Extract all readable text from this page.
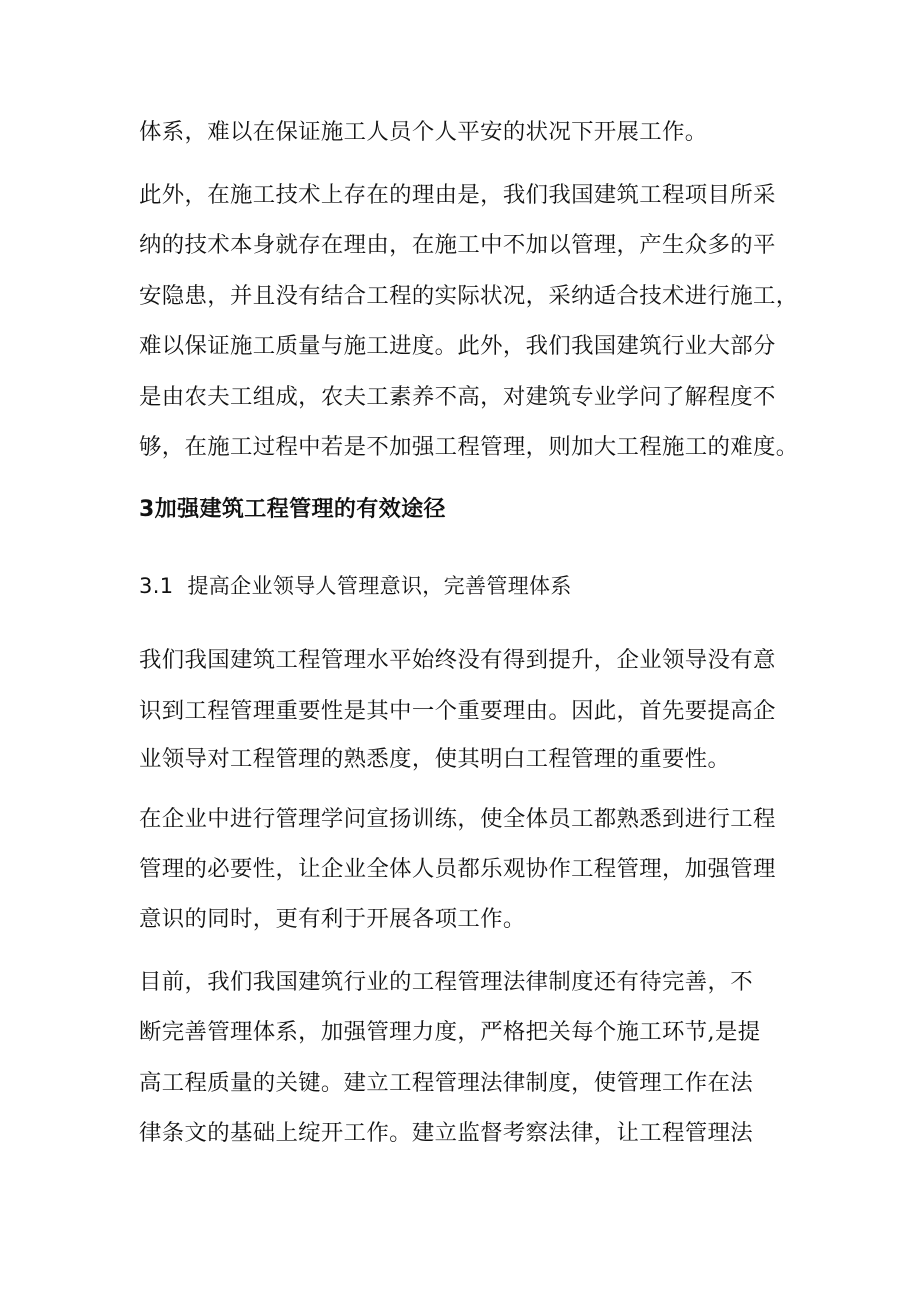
体系，难以在保证施工人员个人平安的状况下开展工作。
此外，在施工技术上存在的理由是，我们我国建筑工程项目所采
纳的技术本身就存在理由，在施工中不加以管理，产生众多的平
安隐患，并且没有结合工程的实际状况，采纳适合技术进行施工，
难以保证施工质量与施工进度。此外，我们我国建筑行业大部分
是由农夫工组成，农夫工素养不高，对建筑专业学问了解程度不
够，在施工过程中若是不加强工程管理，则加大工程施工的难度。
3加强建筑工程管理的有效途径
3.1 提高企业领导人管理意识，完善管理体系
我们我国建筑工程管理水平始终没有得到提升，企业领导没有意
识到工程管理重要性是其中一个重要理由。因此，首先要提高企
业领导对工程管理的熟悉度，使其明白工程管理的重要性。
在企业中进行管理学问宣扬训练，使全体员工都熟悉到进行工程
管理的必要性，让企业全体人员都乐观协作工程管理，加强管理
意识的同时，更有利于开展各项工作。
目前，我们我国建筑行业的工程管理法律制度还有待完善，不
断完善管理体系，加强管理力度，严格把关每个施工环节,是提
高工程质量的关键。建立工程管理法律制度，使管理工作在法
律条文的基础上绽开工作。建立监督考察法律，让工程管理法
